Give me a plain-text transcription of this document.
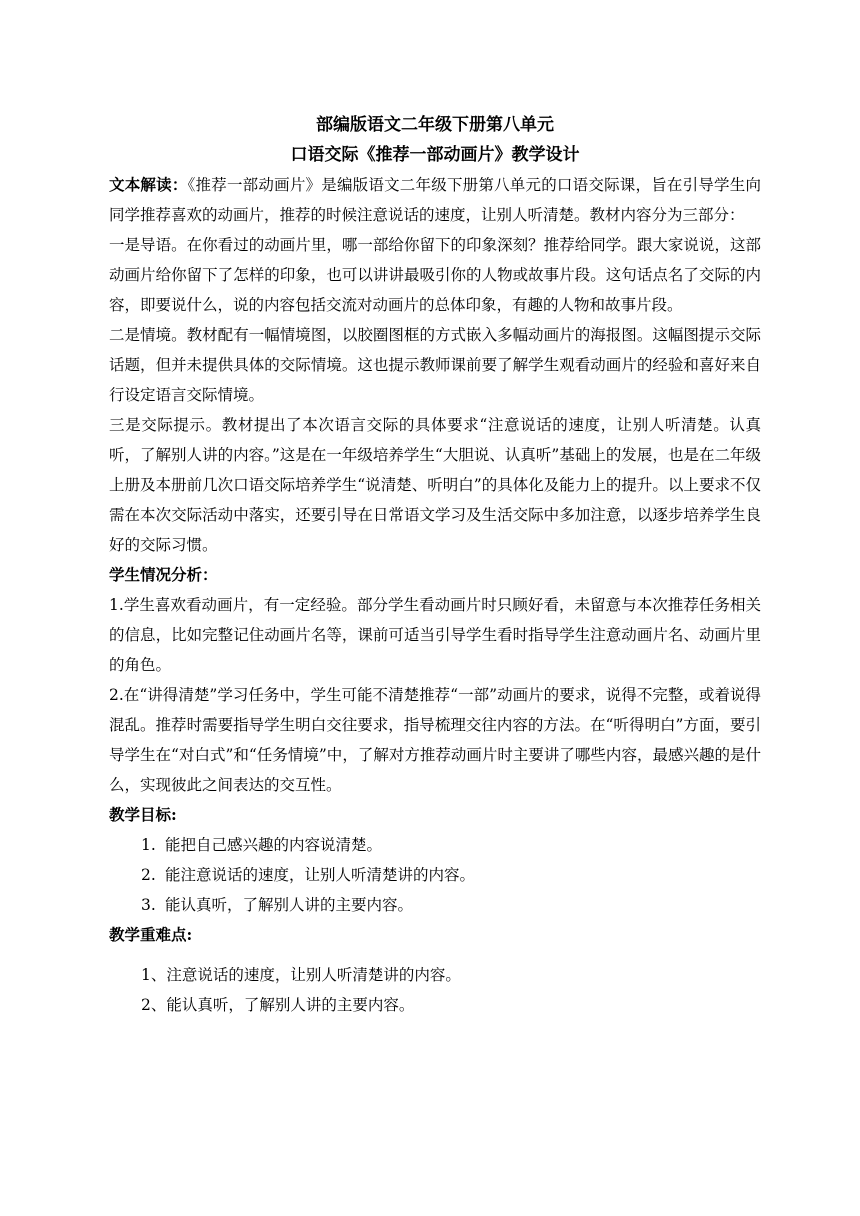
部编版语文二年级下册第八单元

口语交际《推荐一部动画片》教学设计

文本解读：《推荐一部动画片》是编版语文二年级下册第八单元的口语交际课，旨在引导学生向同学推荐喜欢的动画片，推荐的时候注意说话的速度，让别人听清楚。教材内容分为三部分：

一是导语。在你看过的动画片里，哪一部给你留下的印象深刻？推荐给同学。跟大家说说，这部动画片给你留下了怎样的印象，也可以讲讲最吸引你的人物或故事片段。这句话点名了交际的内容，即要说什么，说的内容包括交流对动画片的总体印象，有趣的人物和故事片段。

二是情境。教材配有一幅情境图，以胶圈图框的方式嵌入多幅动画片的海报图。这幅图提示交际话题，但并未提供具体的交际情境。这也提示教师课前要了解学生观看动画片的经验和喜好来自行设定语言交际情境。

三是交际提示。教材提出了本次语言交际的具体要求“注意说话的速度，让别人听清楚。认真听，了解别人讲的内容。”这是在一年级培养学生“大胆说、认真听”基础上的发展，也是在二年级上册及本册前几次口语交际培养学生“说清楚、听明白”的具体化及能力上的提升。以上要求不仅需在本次交际活动中落实，还要引导在日常语文学习及生活交际中多加注意，以逐步培养学生良好的交际习惯。

学生情况分析：

1.学生喜欢看动画片，有一定经验。部分学生看动画片时只顾好看，未留意与本次推荐任务相关的信息，比如完整记住动画片名等，课前可适当引导学生看时指导学生注意动画片名、动画片里的角色。

2.在“讲得清楚”学习任务中，学生可能不清楚推荐“一部”动画片的要求，说得不完整，或着说得混乱。推荐时需要指导学生明白交往要求，指导梳理交往内容的方法。在“听得明白”方面，要引导学生在“对白式”和“任务情境”中，了解对方推荐动画片时主要讲了哪些内容，最感兴趣的是什么，实现彼此之间表达的交互性。

教学目标:

1. 能把自己感兴趣的内容说清楚。
2. 能注意说话的速度，让别人听清楚讲的内容。
3. 能认真听，了解别人讲的主要内容。

教学重难点:

1、注意说话的速度，让别人听清楚讲的内容。
2、能认真听，了解别人讲的主要内容。
